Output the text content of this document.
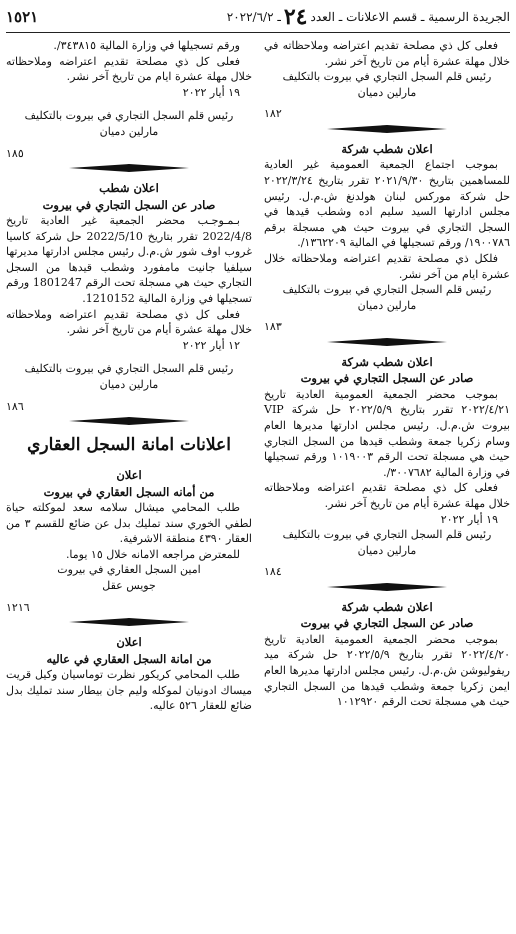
الجريدة الرسمية ـ قسم الاعلانات ـ العدد
٢٤
ـ ٢٠٢٢/٦/٢
١٥٢١

فعلى كل ذي مصلحة تقديم اعتراضه وملاحظاته في خلال مهلة عشرة أيام من تاريخ آخر نشر.

رئيس قلم السجل التجاري في بيروت بالتكليف

مارلين دميان

١٨٢

اعلان شطب شركة

بموجب اجتماع الجمعية العمومية غير العادية للمساهمين بتاريخ ٢٠٢١/٩/٣٠ تقرر بتاريخ ٢٠٢٢/٣/٢٤ حل شركة موركس لبنان هولدنغ ش.م.ل. رئيس مجلس ادارتها السيد سليم اده وشطب قيدها في السجل التجاري في بيروت حيث هي مسجلة برقم ١٩٠٠٧٨٦/ ورقم تسجيلها في المالية ١٣٦٢٢٠٩/.

فلكل ذي مصلحة تقديم اعتراضه وملاحظاته خلال عشرة ايام من آخر نشر.

رئيس قلم السجل التجاري في بيروت بالتكليف

مارلين دميان

١٨٣

اعلان شطب شركة

صادر عن السجل التجاري في بيروت

بموجب محضر الجمعية العمومية العادية تاريخ ٢٠٢٢/٤/٢١ تقرر بتاريخ ٢٠٢٢/٥/٩ حل شركة VIP بيروت ش.م.ل. رئيس مجلس ادارتها مديرها العام وسام زكريا جمعة وشطب قيدها من السجل التجاري حيث هي مسجلة تحت الرقم ١٠١٩٠٠٣ ورقم تسجيلها في وزارة المالية ٣٠٠٧٦٨٢/.

فعلى كل ذي مصلحة تقديم اعتراضه وملاحظاته خلال مهلة عشرة أيام من تاريخ آخر نشر.

١٩ أيار ٢٠٢٢

رئيس قلم السجل التجاري في بيروت بالتكليف

مارلين دميان

١٨٤

اعلان شطب شركة

صادر عن السجل التجاري في بيروت

بموجب محضر الجمعية العمومية العادية تاريخ ٢٠٢٢/٤/٢٠ تقرر بتاريخ ٢٠٢٢/٥/٩ حل شركة ميد ريفوليوشن ش.م.ل. رئيس مجلس ادارتها مديرها العام ايمن زكريا جمعة وشطب قيدها من السجل التجاري حيث هي مسجلة تحت الرقم ١٠١٢٩٢٠

ورقم تسجيلها في وزارة المالية ٣٤٣٨١٥/.

فعلى كل ذي مصلحة تقديم اعتراضه وملاحظاته خلال مهلة عشرة ايام من تاريخ آخر نشر.

١٩ أيار ٢٠٢٢

رئيس قلم السجل التجاري في بيروت بالتكليف

مارلين دميان

١٨٥

اعلان شطب

صادر عن السجل التجاري في بيروت

بـمـوجـب محضر الجمعية غير العادية تاريخ 2022/4/8 تقرر بتاريخ 2022/5/10 حل شركة كاسيا غروب اوف شور ش.م.ل رئيس مجلس ادارتها مديرتها سيلفيا جانيت مامفورد وشطب قيدها من السجل التجاري حيث هي مسجلة تحت الرقم 1801247 ورقم تسجيلها في وزارة المالية 1210152.

فعلى كل ذي مصلحة تقديم اعتراضه وملاحظاته خلال مهلة عشرة أيام من تاريخ آخر نشر.

١٢ أيار ٢٠٢٢

رئيس قلم السجل التجاري في بيروت بالتكليف

مارلين دميان

١٨٦

اعلانات امانة السجل العقاري

اعلان

من أمانه السجل العقاري في بيروت

طلب المحامي ميشال سلامه سعد لموكلته حياة لطفي الخوري سند تمليك بدل عن ضائع للقسم ٣ من العقار ٤٣٩٠ منطقة الاشرفية.

للمعترض مراجعه الامانه خلال ١٥ يوما.

امين السجل العقاري في بيروت

جويس عقل

١٢١٦

اعلان

من امانة السجل العقاري في عاليه

طلب المحامي كريكور نظرت توماسيان وكيل قريت ميساك ادونيان لموكله وليم جان بيطار سند تمليك بدل ضائع للعقار ٥٢٦ عاليه.
